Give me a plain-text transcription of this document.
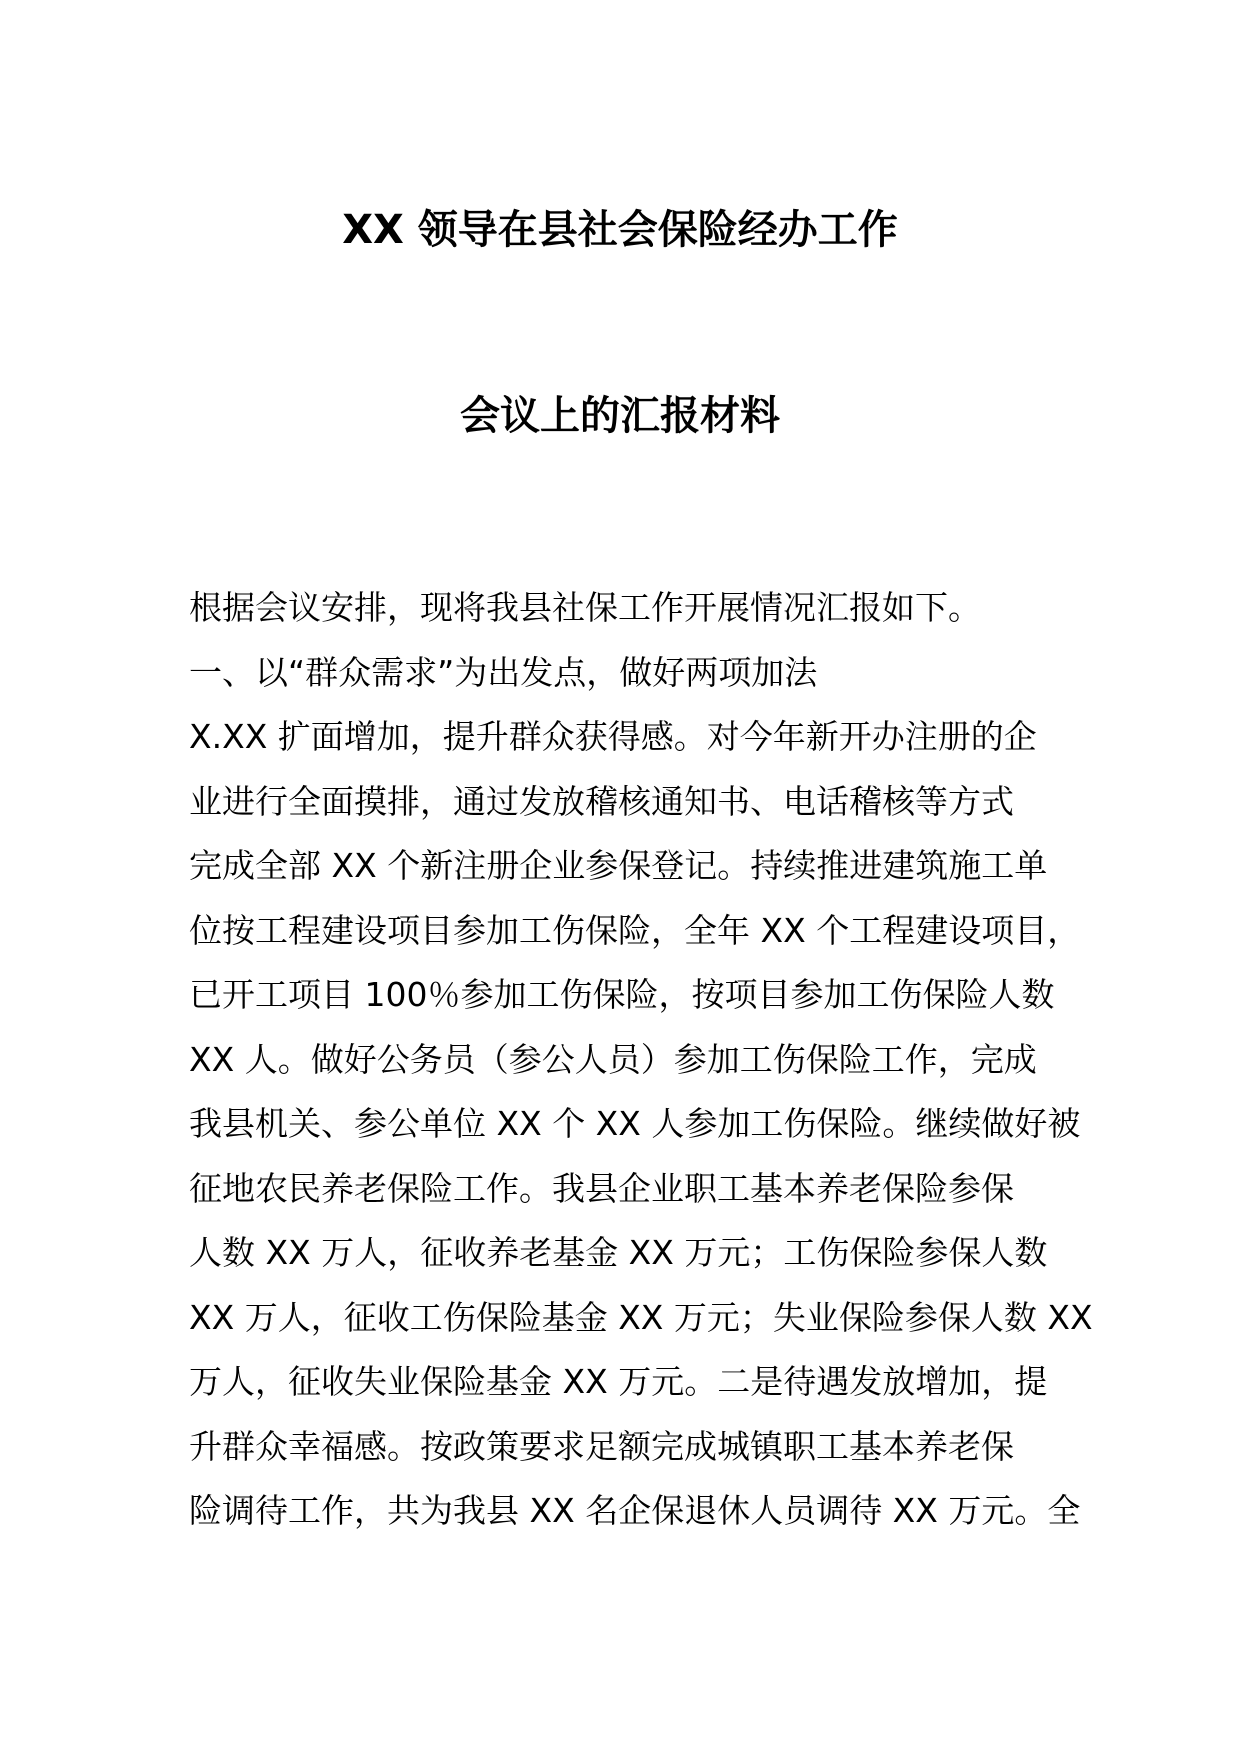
XX 领导在县社会保险经办工作
会议上的汇报材料
根据会议安排，现将我县社保工作开展情况汇报如下。
一、以“群众需求”为出发点，做好两项加法
X.XX 扩面增加，提升群众获得感。对今年新开办注册的企
业进行全面摸排，通过发放稽核通知书、电话稽核等方式
完成全部 XX 个新注册企业参保登记。持续推进建筑施工单
位按工程建设项目参加工伤保险，全年 XX 个工程建设项目，
已开工项目 100％参加工伤保险，按项目参加工伤保险人数
XX 人。做好公务员（参公人员）参加工伤保险工作，完成
我县机关、参公单位 XX 个 XX 人参加工伤保险。继续做好被
征地农民养老保险工作。我县企业职工基本养老保险参保
人数 XX 万人，征收养老基金 XX 万元；工伤保险参保人数
XX 万人，征收工伤保险基金 XX 万元；失业保险参保人数 XX
万人，征收失业保险基金 XX 万元。二是待遇发放增加，提
升群众幸福感。按政策要求足额完成城镇职工基本养老保
险调待工作，共为我县 XX 名企保退休人员调待 XX 万元。全
